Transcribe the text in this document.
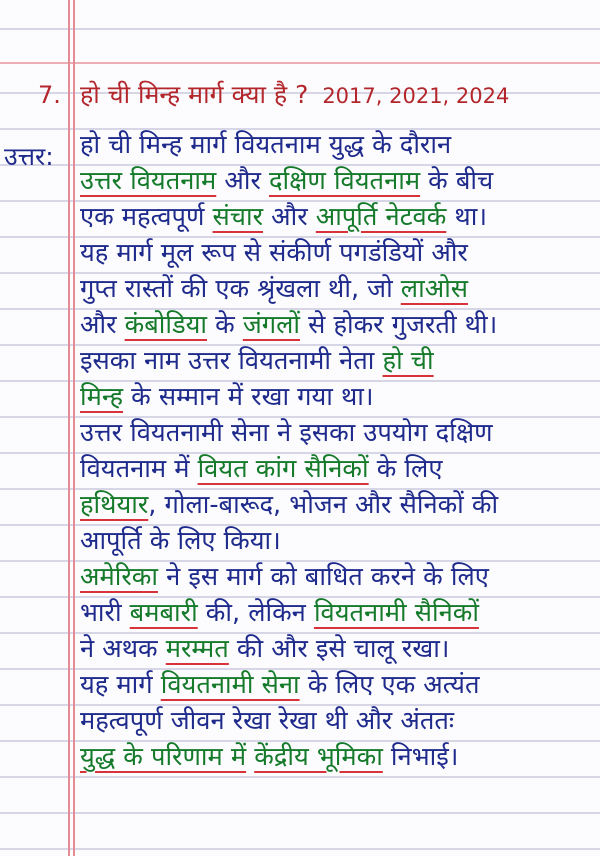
7. हो ची मिन्ह मार्ग क्या है ? 2017, 2021, 2024
उत्तर: हो ची मिन्ह मार्ग वियतनाम युद्ध के दौरान
उत्तर वियतनाम और दक्षिण वियतनाम के बीच
एक महत्वपूर्ण संचार और आपूर्ति नेटवर्क था।
यह मार्ग मूल रूप से संकीर्ण पगडंडियों और
गुप्त रास्तों की एक श्रृंखला थी, जो लाओस
और कंबोडिया के जंगलों से होकर गुजरती थी।
इसका नाम उत्तर वियतनामी नेता हो ची
मिन्ह के सम्मान में रखा गया था।
उत्तर वियतनामी सेना ने इसका उपयोग दक्षिण
वियतनाम में वियत कांग सैनिकों के लिए
हथियार, गोला-बारूद, भोजन और सैनिकों की
आपूर्ति के लिए किया।
अमेरिका ने इस मार्ग को बाधित करने के लिए
भारी बमबारी की, लेकिन वियतनामी सैनिकों
ने अथक मरम्मत की और इसे चालू रखा।
यह मार्ग वियतनामी सेना के लिए एक अत्यंत
महत्वपूर्ण जीवन रेखा रेखा थी और अंततः
युद्ध के परिणाम में केंद्रीय भूमिका निभाई।
